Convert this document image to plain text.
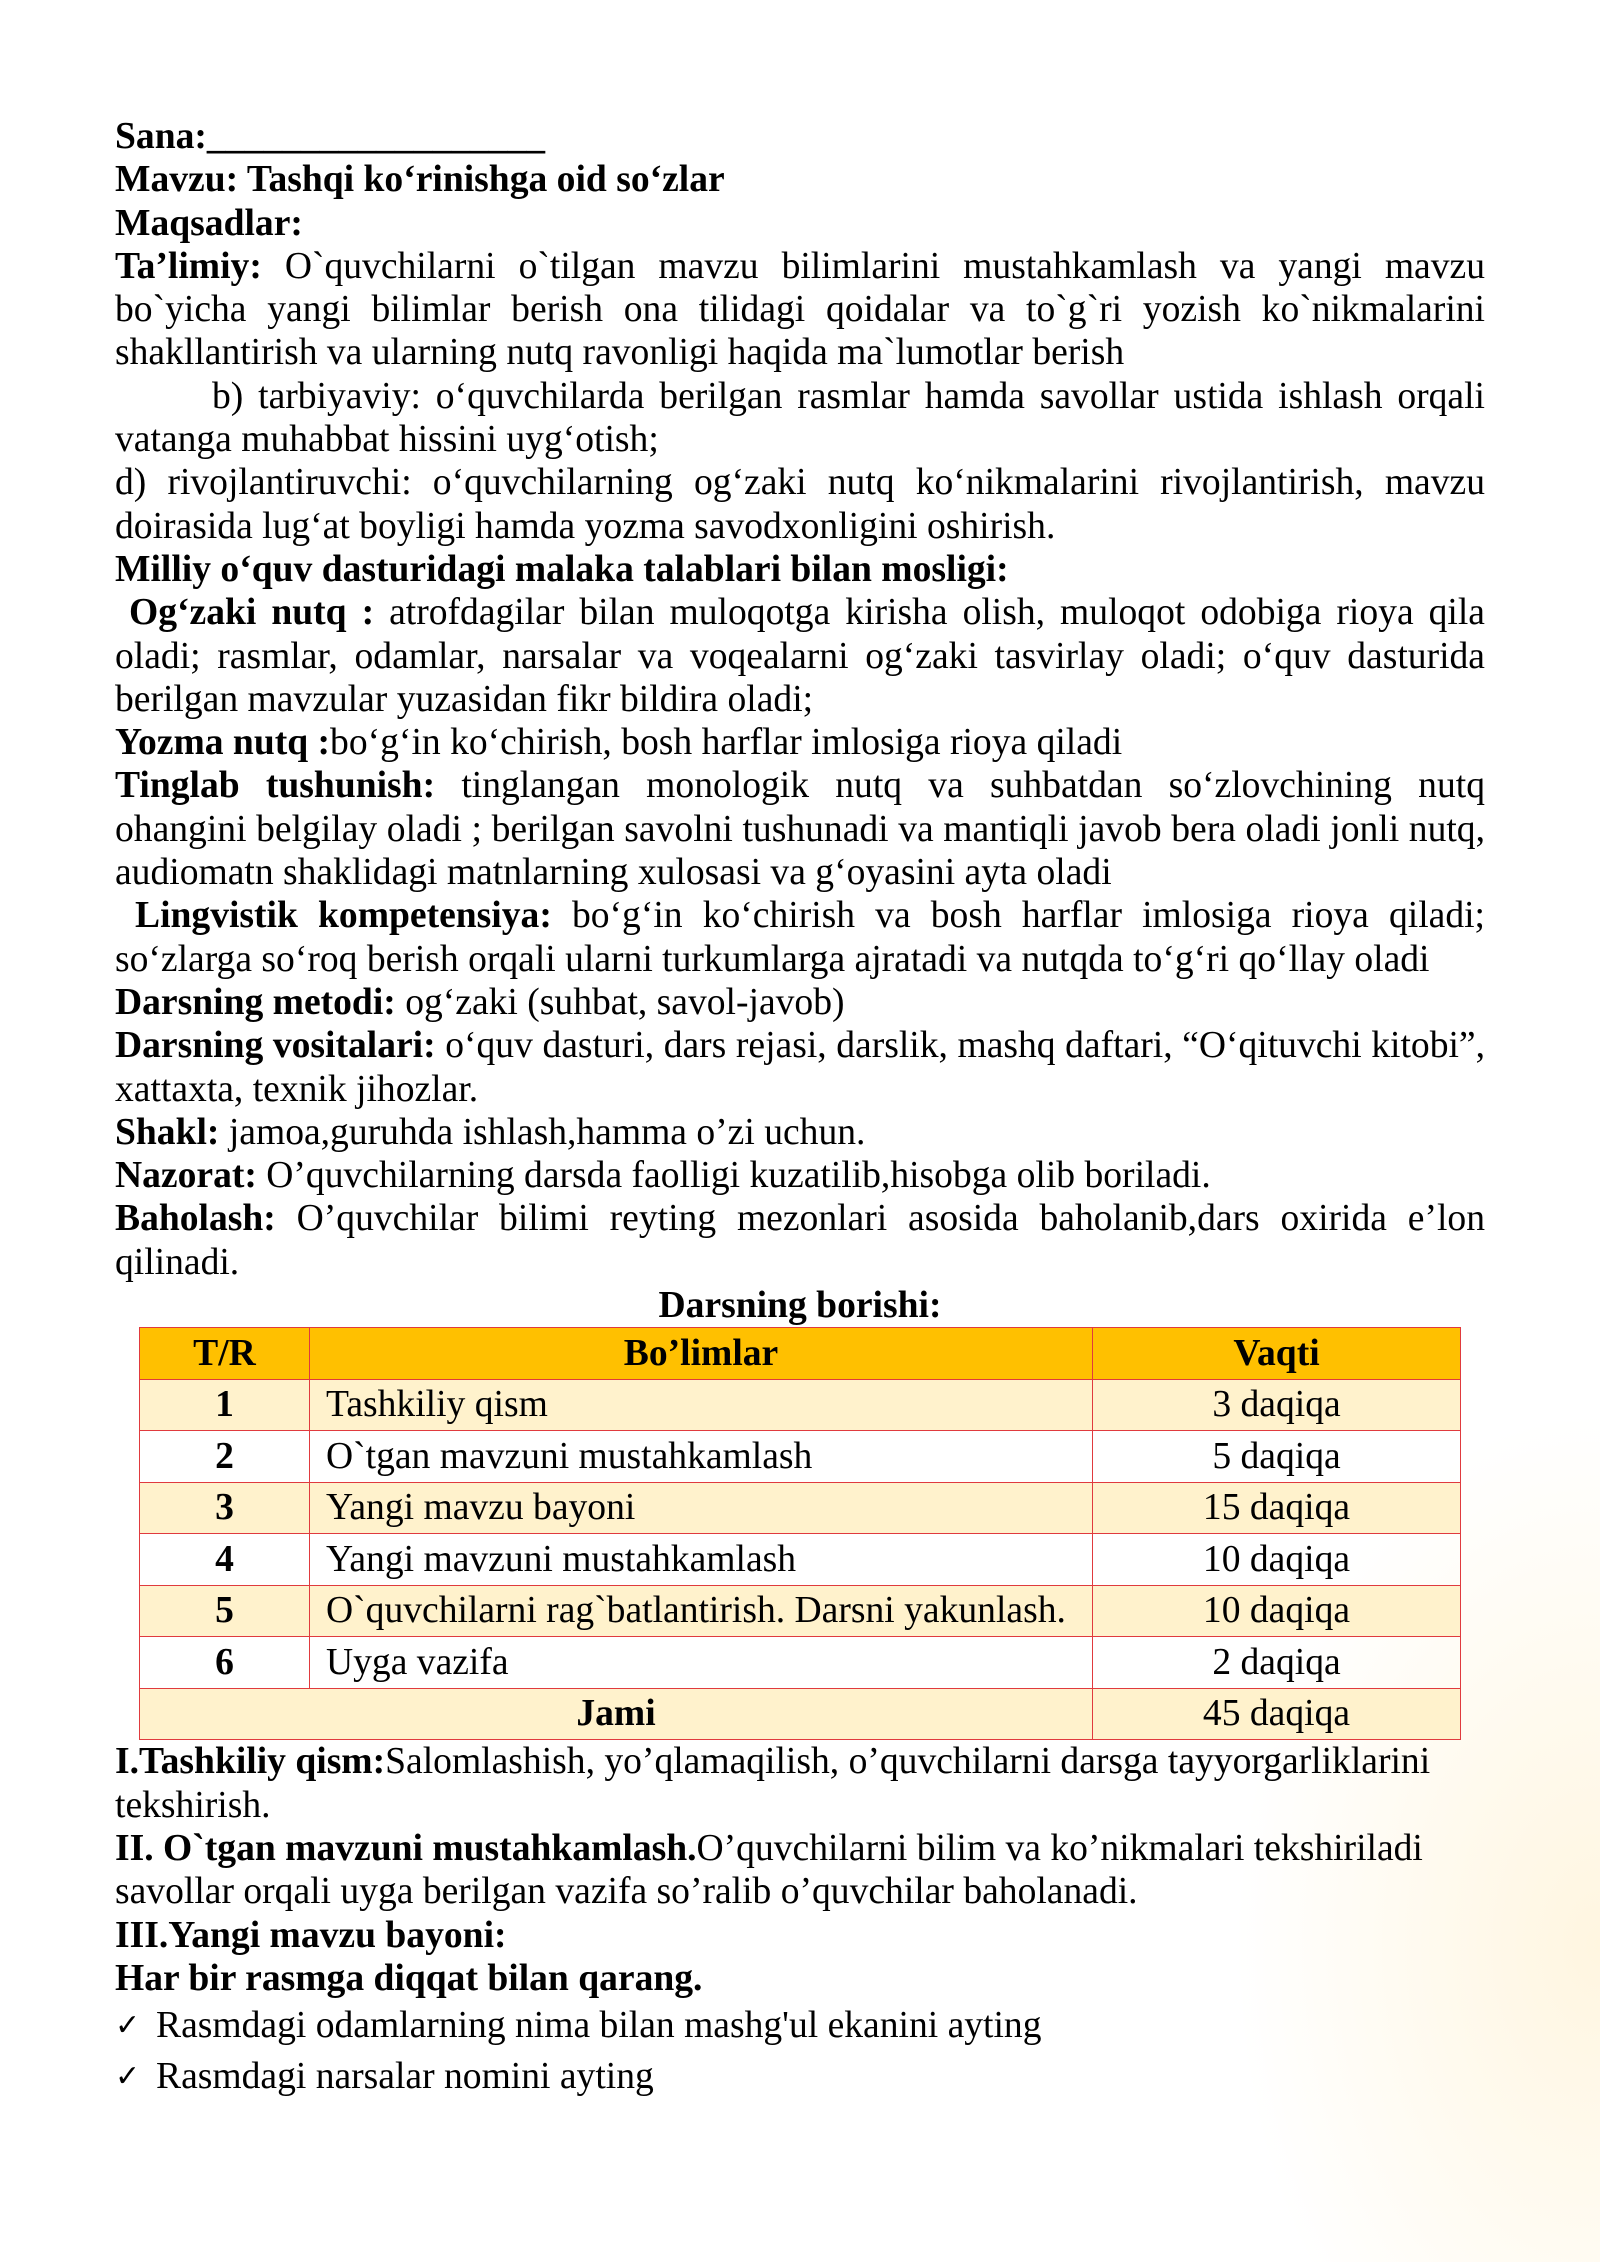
Sana:__________________

Mavzu: Tashqi ko‘rinishga oid so‘zlar

Maqsadlar:

Ta’limiy: O`quvchilarni o`tilgan mavzu bilimlarini mustahkamlash va yangi mavzu bo`yicha yangi bilimlar berish ona tilidagi qoidalar va to`g`ri yozish ko`nikmalarini shakllantirish va ularning nutq ravonligi haqida ma`lumotlar berish

b) tarbiyaviy: o‘quvchilarda berilgan rasmlar hamda savollar ustida ishlash orqali vatanga muhabbat hissini uyg‘otish;

d) rivojlantiruvchi: o‘quvchilarning og‘zaki nutq ko‘nikmalarini rivojlantirish, mavzu doirasida lug‘at boyligi hamda yozma savodxonligini oshirish.

Milliy o‘quv dasturidagi malaka talablari bilan mosligi:

Og‘zaki nutq : atrofdagilar bilan muloqotga kirisha olish, muloqot odobiga rioya qila oladi; rasmlar, odamlar, narsalar va voqealarni og‘zaki tasvirlay oladi; o‘quv dasturida berilgan mavzular yuzasidan fikr bildira oladi;

Yozma nutq :bo‘g‘in ko‘chirish, bosh harflar imlosiga rioya qiladi

Tinglab tushunish: tinglangan monologik nutq va suhbatdan so‘zlovchining nutq ohangini belgilay oladi ; berilgan savolni tushunadi va mantiqli javob bera oladi jonli nutq, audiomatn shaklidagi matnlarning xulosasi va g‘oyasini ayta oladi

Lingvistik kompetensiya: bo‘g‘in ko‘chirish va bosh harflar imlosiga rioya qiladi; so‘zlarga so‘roq berish orqali ularni turkumlarga ajratadi va nutqda to‘g‘ri qo‘llay oladi

Darsning metodi: og‘zaki (suhbat, savol-javob)

Darsning vositalari: o‘quv dasturi, dars rejasi, darslik, mashq daftari, “O‘qituvchi kitobi”, xattaxta, texnik jihozlar.

Shakl: jamoa,guruhda ishlash,hamma o’zi uchun.

Nazorat: O’quvchilarning darsda faolligi kuzatilib,hisobga olib boriladi.

Baholash: O’quvchilar bilimi reyting mezonlari asosida baholanib,dars oxirida e’lon qilinadi.

Darsning borishi:

T/R	Bo’limlar	Vaqti
1	Tashkiliy qism	3 daqiqa
2	O`tgan mavzuni mustahkamlash	5 daqiqa
3	Yangi mavzu bayoni	15 daqiqa
4	Yangi mavzuni mustahkamlash	10 daqiqa
5	O`quvchilarni rag`batlantirish. Darsni yakunlash.	10 daqiqa
6	Uyga vazifa	2 daqiqa
Jami		45 daqiqa

I.Tashkiliy qism:Salomlashish, yo’qlamaqilish, o’quvchilarni darsga tayyorgarliklarini tekshirish.

II. O`tgan mavzuni mustahkamlash.O’quvchilarni bilim va ko’nikmalari tekshiriladi savollar orqali uyga berilgan vazifa so’ralib o’quvchilar baholanadi.

III.Yangi mavzu bayoni:

Har bir rasmga diqqat bilan qarang.

✓ Rasmdagi odamlarning nima bilan mashg'ul ekanini ayting
✓ Rasmdagi narsalar nomini ayting
